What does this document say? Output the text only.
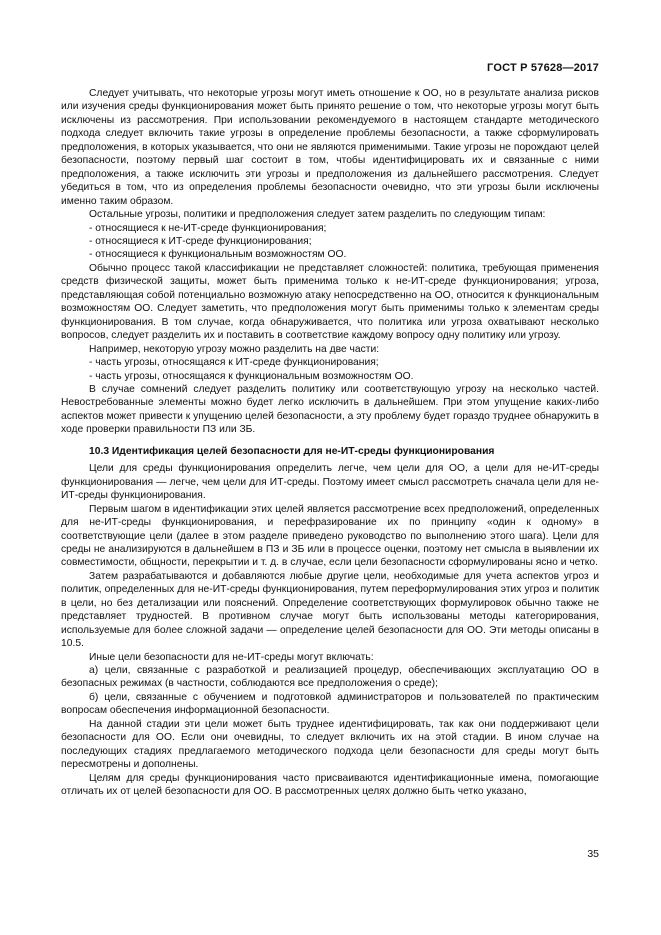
ГОСТ Р 57628—2017

Следует учитывать, что некоторые угрозы могут иметь отношение к ОО, но в результате анализа рисков или изучения среды функционирования может быть принято решение о том, что некоторые угрозы могут быть исключены из рассмотрения. При использовании рекомендуемого в настоящем стандарте методического подхода следует включить такие угрозы в определение проблемы безопасности, а также сформулировать предположения, в которых указывается, что они не являются применимыми. Такие угрозы не порождают целей безопасности, поэтому первый шаг состоит в том, чтобы идентифицировать их и связанные с ними предположения, а также исключить эти угрозы и предположения из дальнейшего рассмотрения. Следует убедиться в том, что из определения проблемы безопасности очевидно, что эти угрозы были исключены именно таким образом.

Остальные угрозы, политики и предположения следует затем разделить по следующим типам:

- относящиеся к не-ИТ-среде функционирования;

- относящиеся к ИТ-среде функционирования;

- относящиеся к функциональным возможностям ОО.

Обычно процесс такой классификации не представляет сложностей: политика, требующая применения средств физической защиты, может быть применима только к не-ИТ-среде функционирования; угроза, представляющая собой потенциально возможную атаку непосредственно на ОО, относится к функциональным возможностям ОО. Следует заметить, что предположения могут быть применимы только к элементам среды функционирования. В том случае, когда обнаруживается, что политика или угроза охватывают несколько вопросов, следует разделить их и поставить в соответствие каждому вопросу одну политику или угрозу.

Например, некоторую угрозу можно разделить на две части:

- часть угрозы, относящаяся к ИТ-среде функционирования;

- часть угрозы, относящаяся к функциональным возможностям ОО.

В случае сомнений следует разделить политику или соответствующую угрозу на несколько частей. Невостребованные элементы можно будет легко исключить в дальнейшем. При этом упущение каких-либо аспектов может привести к упущению целей безопасности, а эту проблему будет гораздо труднее обнаружить в ходе проверки правильности ПЗ или ЗБ.

10.3 Идентификация целей безопасности для не-ИТ-среды функционирования

Цели для среды функционирования определить легче, чем цели для ОО, а цели для не-ИТ-среды функционирования — легче, чем цели для ИТ-среды. Поэтому имеет смысл рассмотреть сначала цели для не-ИТ-среды функционирования.

Первым шагом в идентификации этих целей является рассмотрение всех предположений, определенных для не-ИТ-среды функционирования, и перефразирование их по принципу «один к одному» в соответствующие цели (далее в этом разделе приведено руководство по выполнению этого шага). Цели для среды не анализируются в дальнейшем в ПЗ и ЗБ или в процессе оценки, поэтому нет смысла в выявлении их совместимости, общности, перекрытии и т. д. в случае, если цели безопасности сформулированы ясно и четко.

Затем разрабатываются и добавляются любые другие цели, необходимые для учета аспектов угроз и политик, определенных для не-ИТ-среды функционирования, путем переформулирования этих угроз и политик в цели, но без детализации или пояснений. Определение соответствующих формулировок обычно также не представляет трудностей. В противном случае могут быть использованы методы категорирования, используемые для более сложной задачи — определение целей безопасности для ОО. Эти методы описаны в 10.5.

Иные цели безопасности для не-ИТ-среды могут включать:

а) цели, связанные с разработкой и реализацией процедур, обеспечивающих эксплуатацию ОО в безопасных режимах (в частности, соблюдаются все предположения о среде);

б) цели, связанные с обучением и подготовкой администраторов и пользователей по практическим вопросам обеспечения информационной безопасности.

На данной стадии эти цели может быть труднее идентифицировать, так как они поддерживают цели безопасности для ОО. Если они очевидны, то следует включить их на этой стадии. В ином случае на последующих стадиях предлагаемого методического подхода цели безопасности для среды могут быть пересмотрены и дополнены.

Целям для среды функционирования часто присваиваются идентификационные имена, помогающие отличать их от целей безопасности для ОО. В рассмотренных целях должно быть четко указано,

35
